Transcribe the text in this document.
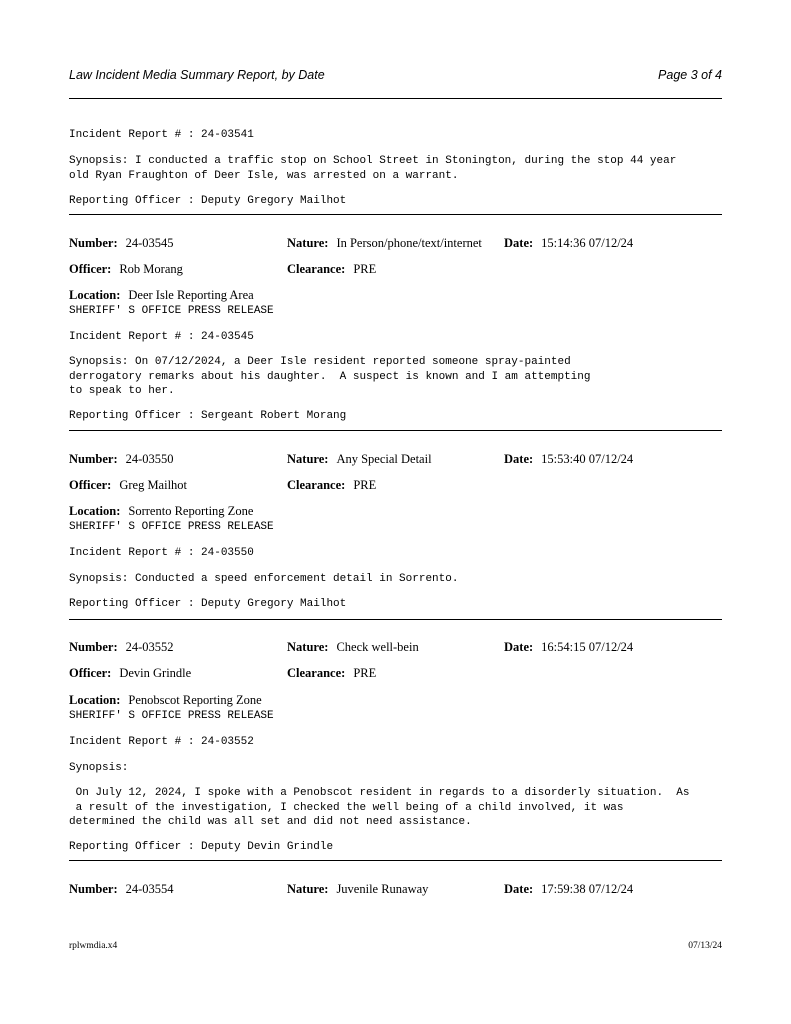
Law Incident Media Summary Report, by Date	Page 3 of 4
Incident Report # : 24-03541
Synopsis: I conducted a traffic stop on School Street in Stonington, during the stop 44 year
old Ryan Fraughton of Deer Isle, was arrested on a warrant.
Reporting Officer : Deputy Gregory Mailhot
Number: 24-03545	Nature: In Person/phone/text/internet Date: 15:14:36 07/12/24
Officer: Rob Morang	Clearance: PRE
Location: Deer Isle Reporting Area
SHERIFF' S OFFICE PRESS RELEASE
Incident Report # : 24-03545
Synopsis: On 07/12/2024, a Deer Isle resident reported someone spray-painted
derrogatory remarks about his daughter.  A suspect is known and I am attempting
to speak to her.
Reporting Officer : Sergeant Robert Morang
Number: 24-03550	Nature: Any Special Detail	Date: 15:53:40 07/12/24
Officer: Greg Mailhot	Clearance: PRE
Location: Sorrento Reporting Zone
SHERIFF' S OFFICE PRESS RELEASE
Incident Report # : 24-03550
Synopsis: Conducted a speed enforcement detail in Sorrento.
Reporting Officer : Deputy Gregory Mailhot
Number: 24-03552	Nature: Check well-bein	Date: 16:54:15 07/12/24
Officer: Devin Grindle	Clearance: PRE
Location: Penobscot Reporting Zone
SHERIFF' S OFFICE PRESS RELEASE
Incident Report # : 24-03552
Synopsis:
On July 12, 2024, I spoke with a Penobscot resident in regards to a disorderly situation.  As
a result of the investigation, I checked the well being of a child involved, it was
determined the child was all set and did not need assistance.
Reporting Officer : Deputy Devin Grindle
Number: 24-03554	Nature: Juvenile Runaway	Date: 17:59:38 07/12/24
rplwmdia.x4	07/13/24
